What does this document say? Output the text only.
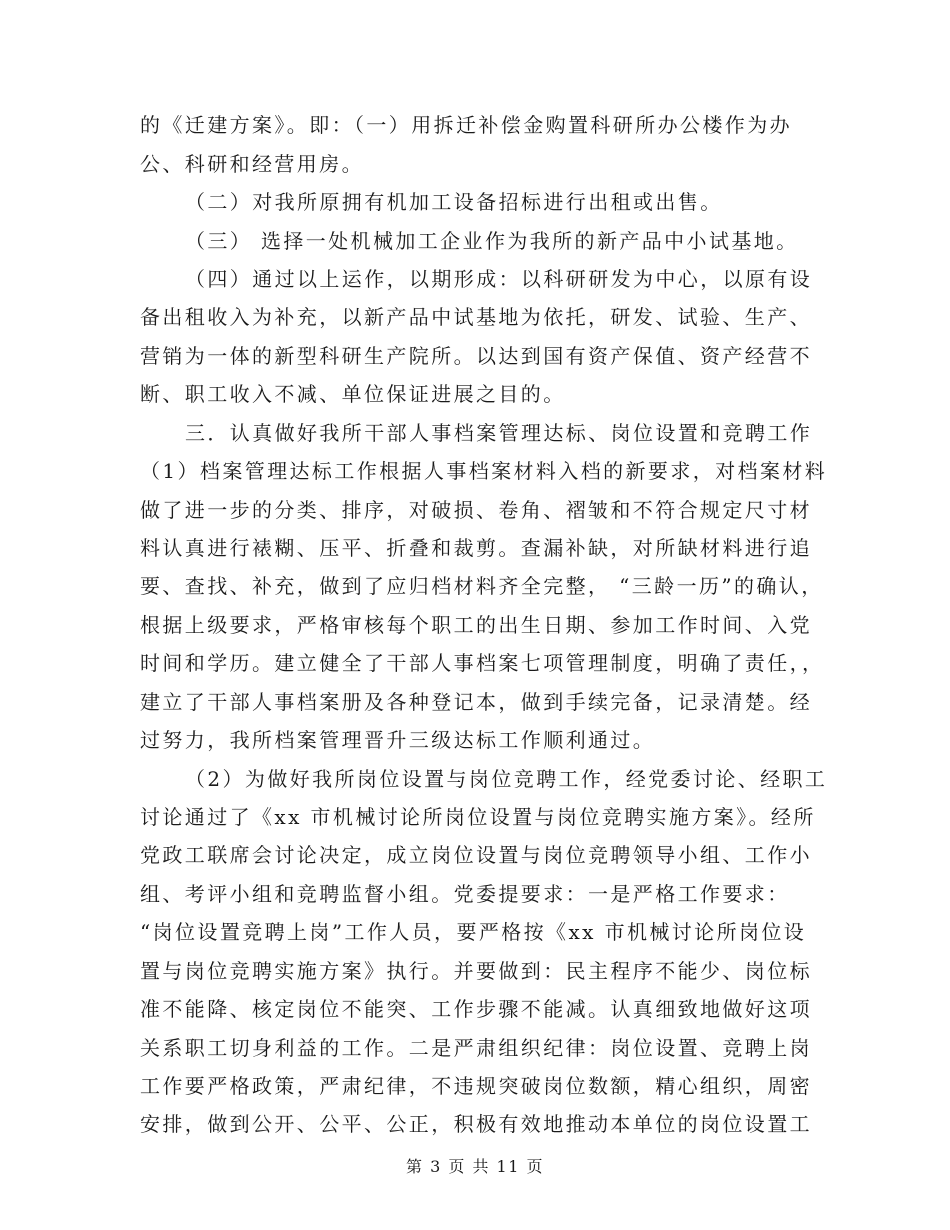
的《迁建方案》。即：（一）用拆迁补偿金购置科研所办公楼作为办
公、科研和经营用房。
（二）对我所原拥有机加工设备招标进行出租或出售。
（三） 选择一处机械加工企业作为我所的新产品中小试基地。
（四）通过以上运作，以期形成：以科研研发为中心，以原有设
备出租收入为补充，以新产品中试基地为依托，研发、试验、生产、
营销为一体的新型科研生产院所。以达到国有资产保值、资产经营不
断、职工收入不减、单位保证进展之目的。
三．认真做好我所干部人事档案管理达标、岗位设置和竞聘工作
（1）档案管理达标工作根据人事档案材料入档的新要求，对档案材料
做了进一步的分类、排序，对破损、卷角、褶皱和不符合规定尺寸材
料认真进行裱糊、压平、折叠和裁剪。查漏补缺，对所缺材料进行追
要、查找、补充，做到了应归档材料齐全完整， “三龄一历”的确认，
根据上级要求，严格审核每个职工的出生日期、参加工作时间、入党
时间和学历。建立健全了干部人事档案七项管理制度，明确了责任，，
建立了干部人事档案册及各种登记本，做到手续完备，记录清楚。经
过努力，我所档案管理晋升三级达标工作顺利通过。
（2）为做好我所岗位设置与岗位竞聘工作，经党委讨论、经职工
讨论通过了《xx 市机械讨论所岗位设置与岗位竞聘实施方案》。经所
党政工联席会讨论决定，成立岗位设置与岗位竞聘领导小组、工作小
组、考评小组和竞聘监督小组。党委提要求：一是严格工作要求：
“岗位设置竞聘上岗”工作人员，要严格按《xx 市机械讨论所岗位设
置与岗位竞聘实施方案》执行。并要做到：民主程序不能少、岗位标
准不能降、核定岗位不能突、工作步骤不能减。认真细致地做好这项
关系职工切身利益的工作。二是严肃组织纪律：岗位设置、竞聘上岗
工作要严格政策，严肃纪律，不违规突破岗位数额，精心组织，周密
安排，做到公开、公平、公正，积极有效地推动本单位的岗位设置工
第 3 页 共 11 页
